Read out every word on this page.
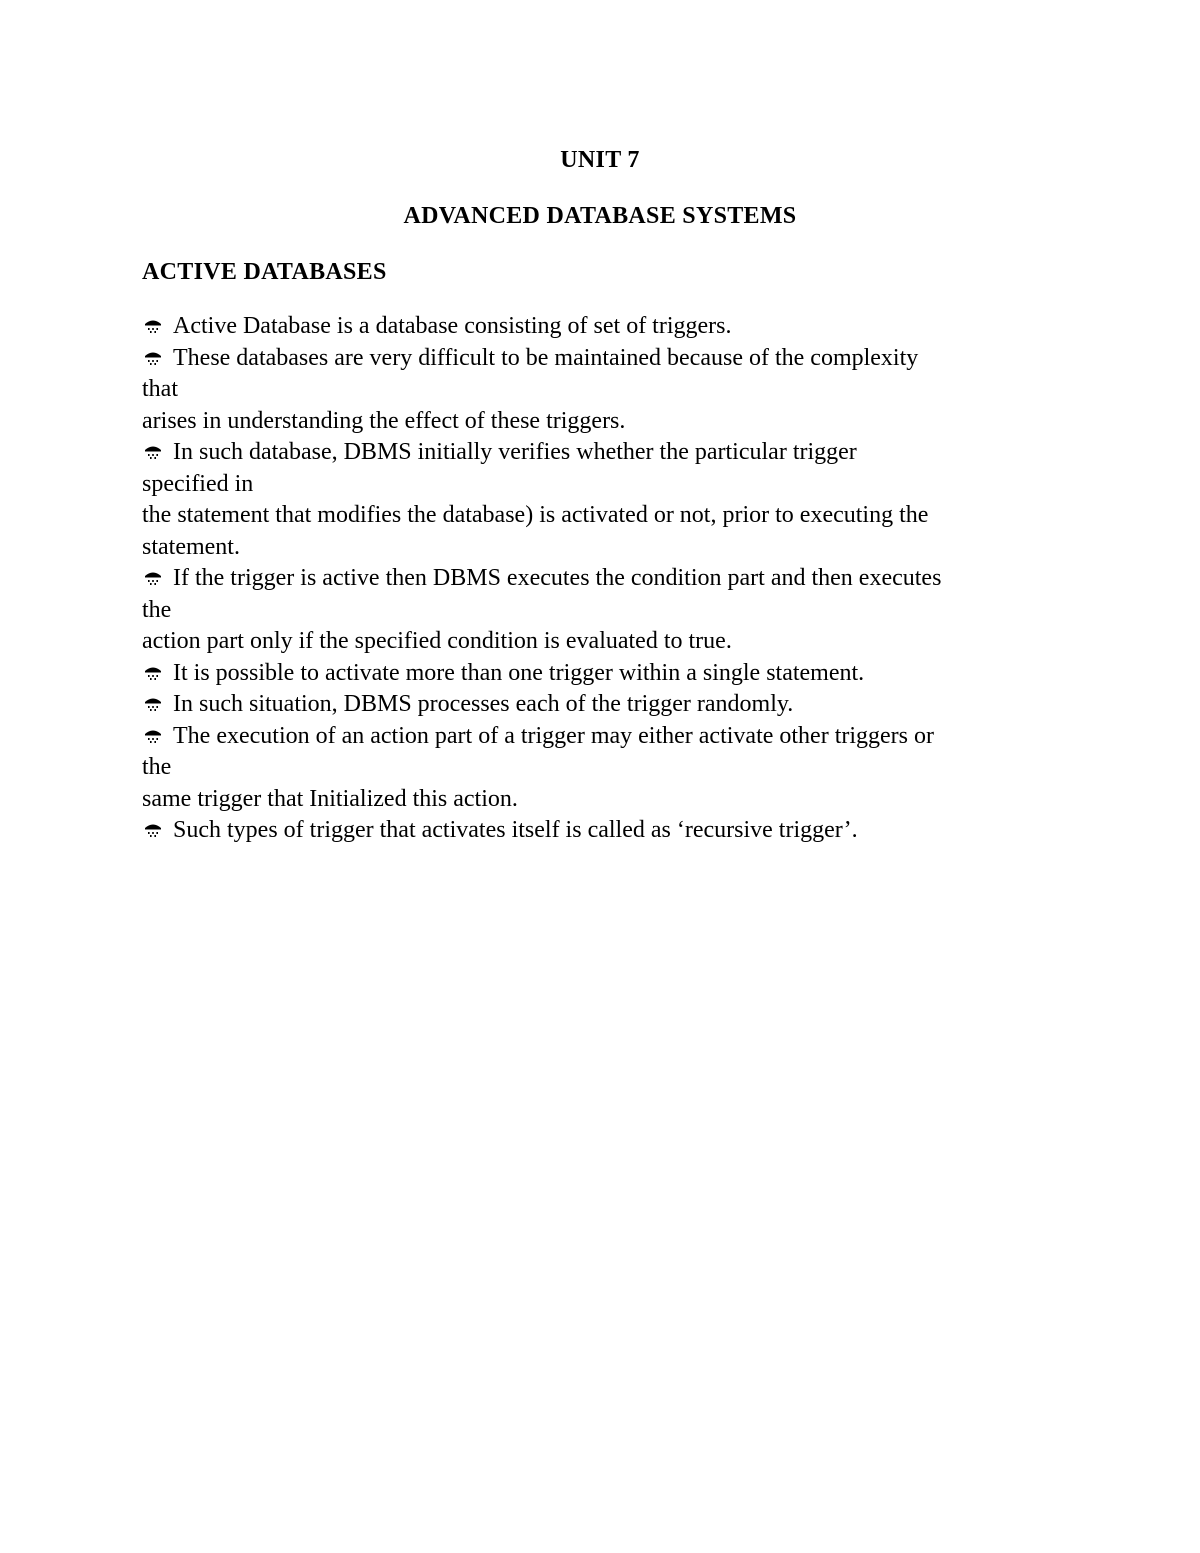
UNIT 7
ADVANCED DATABASE SYSTEMS
ACTIVE DATABASES
Active Database is a database consisting of set of triggers.
These databases are very difficult to be maintained because of the complexity
that
arises in understanding the effect of these triggers.
In such database, DBMS initially verifies whether the particular trigger
specified in
the statement that modifies the database) is activated or not, prior to executing the
statement.
If the trigger is active then DBMS executes the condition part and then executes
the
action part only if the specified condition is evaluated to true.
It is possible to activate more than one trigger within a single statement.
In such situation, DBMS processes each of the trigger randomly.
The execution of an action part of a trigger may either activate other triggers or
the
same trigger that Initialized this action.
Such types of trigger that activates itself is called as ‘recursive trigger’.
